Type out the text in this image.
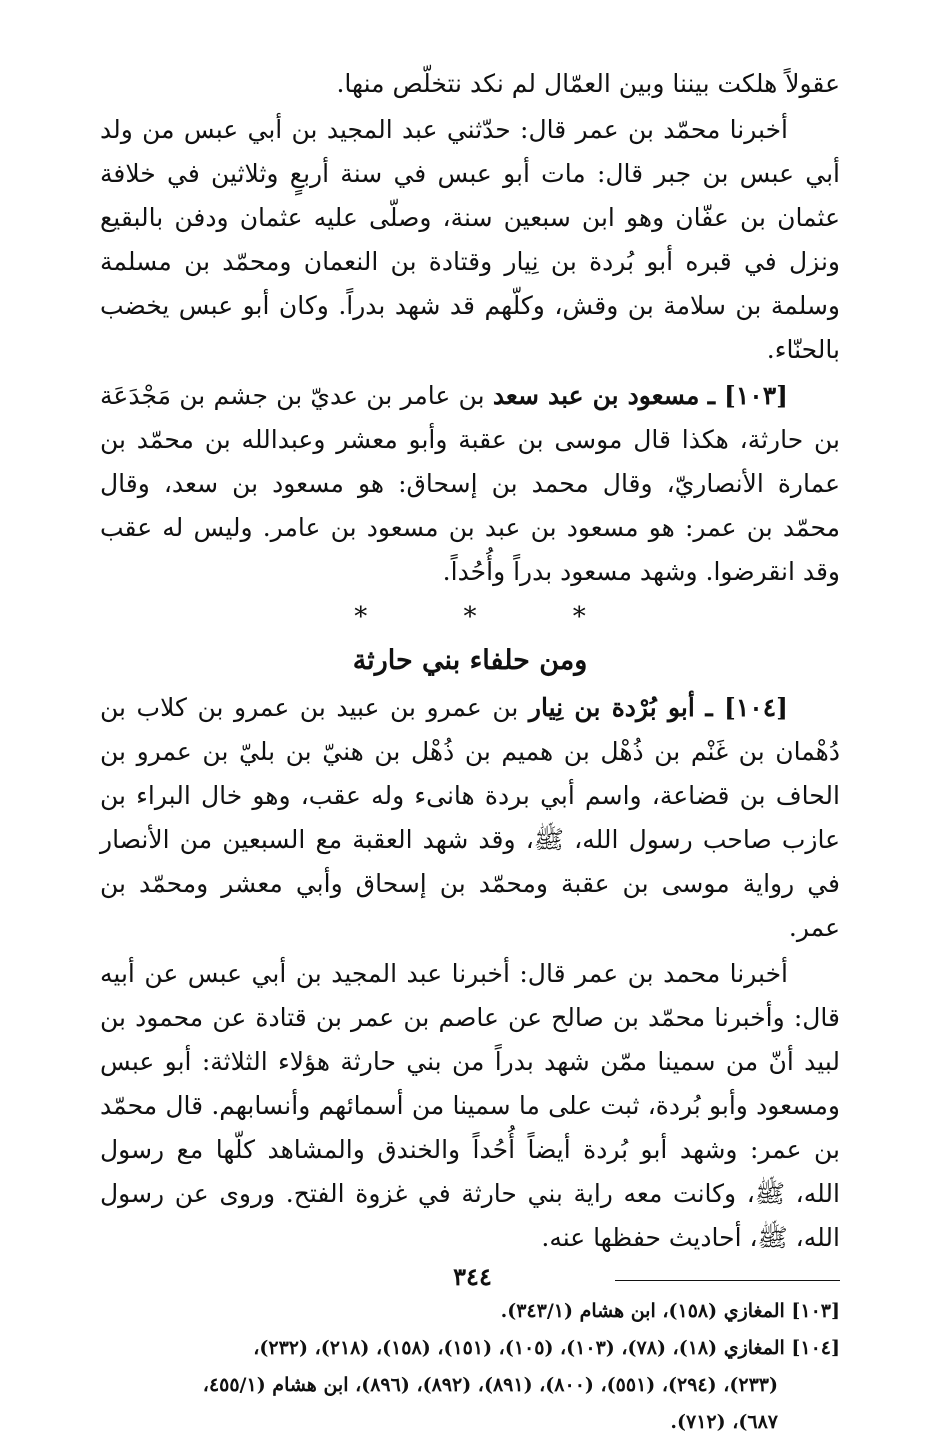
عقولاً هلكت بيننا وبين العمّال لم نكد نتخلّص منها.

أخبرنا محمّد بن عمر قال: حدّثني عبد المجيد بن أبي عبس من ولد أبي عبس بن جبر قال: مات أبو عبس في سنة أربعٍ وثلاثين في خلافة عثمان بن عفّان وهو ابن سبعين سنة، وصلّى عليه عثمان ودفن بالبقيع ونزل في قبره أبو بُردة بن نِيار وقتادة بن النعمان ومحمّد بن مسلمة وسلمة بن سلامة بن وقش، وكلّهم قد شهد بدراً. وكان أبو عبس يخضب بالحنّاء.

[١٠٣] ـ مسعود بن عبد سعد بن عامر بن عديّ بن جشم بن مَجْدَعَة بن حارثة، هكذا قال موسى بن عقبة وأبو معشر وعبدالله بن محمّد بن عمارة الأنصاريّ، وقال محمد بن إسحاق: هو مسعود بن سعد، وقال محمّد بن عمر: هو مسعود بن عبد بن مسعود بن عامر. وليس له عقب وقد انقرضوا. وشهد مسعود بدراً وأُحُداً.

* * *
ومن حلفاء بني حارثة

[١٠٤] ـ أبو بُرْدة بن نِيار بن عمرو بن عبيد بن عمرو بن كلاب بن دُهْمان بن غَنْم بن ذُهْل بن هميم بن ذُهْل بن هنيّ بن بليّ بن عمرو بن الحاف بن قضاعة، واسم أبي بردة هانىء وله عقب، وهو خال البراء بن عازب صاحب رسول الله، ﷺ، وقد شهد العقبة مع السبعين من الأنصار في رواية موسى بن عقبة ومحمّد بن إسحاق وأبي معشر ومحمّد بن عمر.

أخبرنا محمد بن عمر قال: أخبرنا عبد المجيد بن أبي عبس عن أبيه قال: وأخبرنا محمّد بن صالح عن عاصم بن عمر بن قتادة عن محمود بن لبيد أنّ من سمينا ممّن شهد بدراً من بني حارثة هؤلاء الثلاثة: أبو عبس ومسعود وأبو بُردة، ثبت على ما سمينا من أسمائهم وأنسابهم. قال محمّد بن عمر: وشهد أبو بُردة أيضاً أُحُداً والخندق والمشاهد كلّها مع رسول الله، ﷺ، وكانت معه راية بني حارثة في غزوة الفتح. وروى عن رسول الله، ﷺ، أحاديث حفظها عنه.

[١٠٣] المغازي (١٥٨)، ابن هشام (٣٤٣/١).

[١٠٤] المغازي (١٨)، (٧٨)، (١٠٣)، (١٠٥)، (١٥١)، (١٥٨)، (٢١٨)، (٢٣٢)،

(٢٣٣)، (٢٩٤)، (٥٥١)، (٨٠٠)، (٨٩١)، (٨٩٢)، (٨٩٦)، ابن هشام (٤٥٥/١،

٦٨٧)، (٧١٢).

٣٤٤
